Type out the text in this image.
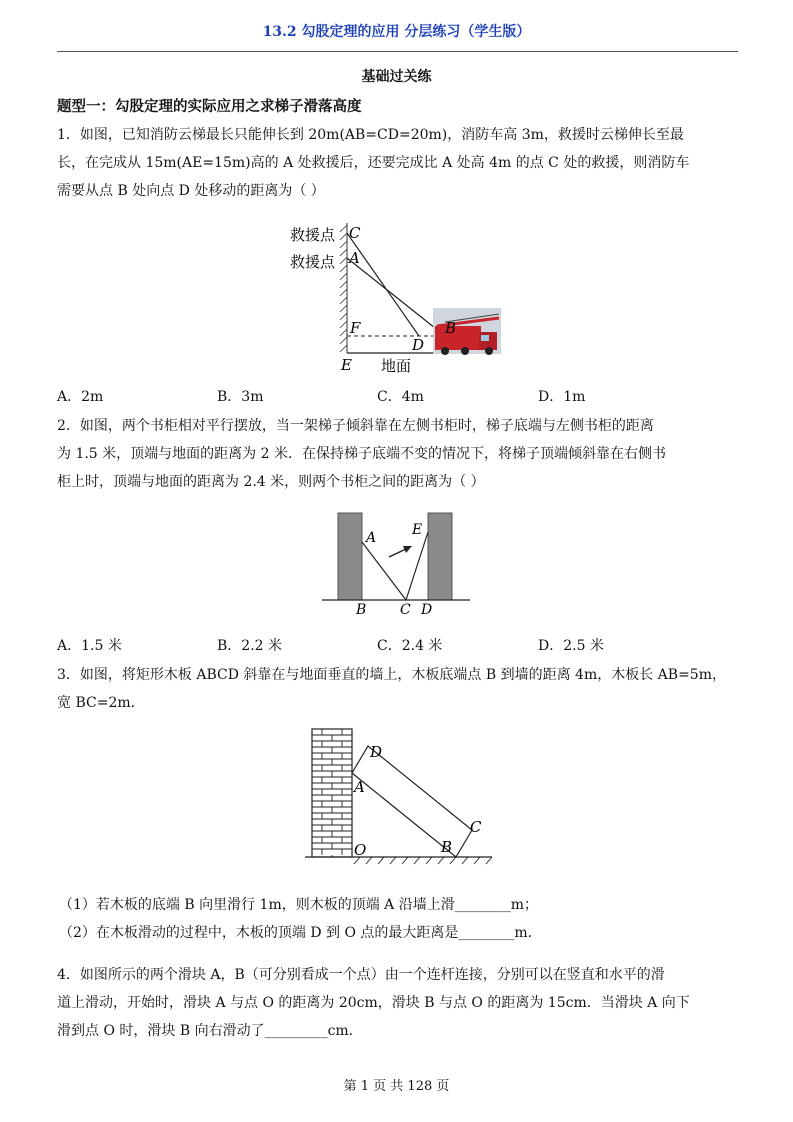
13.2 勾股定理的应用 分层练习（学生版）
基础过关练
题型一：勾股定理的实际应用之求梯子滑落高度
1．如图，已知消防云梯最长只能伸长到 20m(AB=CD=20m)，消防车高 3m，救援时云梯伸长至最
长，在完成从 15m(AE=15m)高的 A 处救援后，还要完成比 A 处高 4m 的点 C 处的救援，则消防车
需要从点 B 处向点 D 处移动的距离为（ ）
救援点
救援点
C
A
F
E
D
B
地面
A．2m	B．3m	C．4m	D．1m
2．如图，两个书柜相对平行摆放，当一架梯子倾斜靠在左侧书柜时，梯子底端与左侧书柜的距离
为 1.5 米，顶端与地面的距离为 2 米．在保持梯子底端不变的情况下，将梯子顶端倾斜靠在右侧书
柜上时，顶端与地面的距离为 2.4 米，则两个书柜之间的距离为（ ）
A	E
B C D
A．1.5 米	B．2.2 米	C．2.4 米	D．2.5 米
3．如图，将矩形木板 ABCD 斜靠在与地面垂直的墙上，木板底端点 B 到墙的距离 4m，木板长 AB=5m，
宽 BC=2m．
D
A
C
O	B
（1）若木板的底端 B 向里滑行 1m，则木板的顶端 A 沿墙上滑________m；
（2）在木板滑动的过程中，木板的顶端 D 到 O 点的最大距离是________m．
4．如图所示的两个滑块 A，B（可分别看成一个点）由一个连杆连接，分别可以在竖直和水平的滑
道上滑动，开始时，滑块 A 与点 O 的距离为 20cm，滑块 B 与点 O 的距离为 15cm．当滑块 A 向下
滑到点 O 时，滑块 B 向右滑动了_________cm．
第 1 页 共 128 页
